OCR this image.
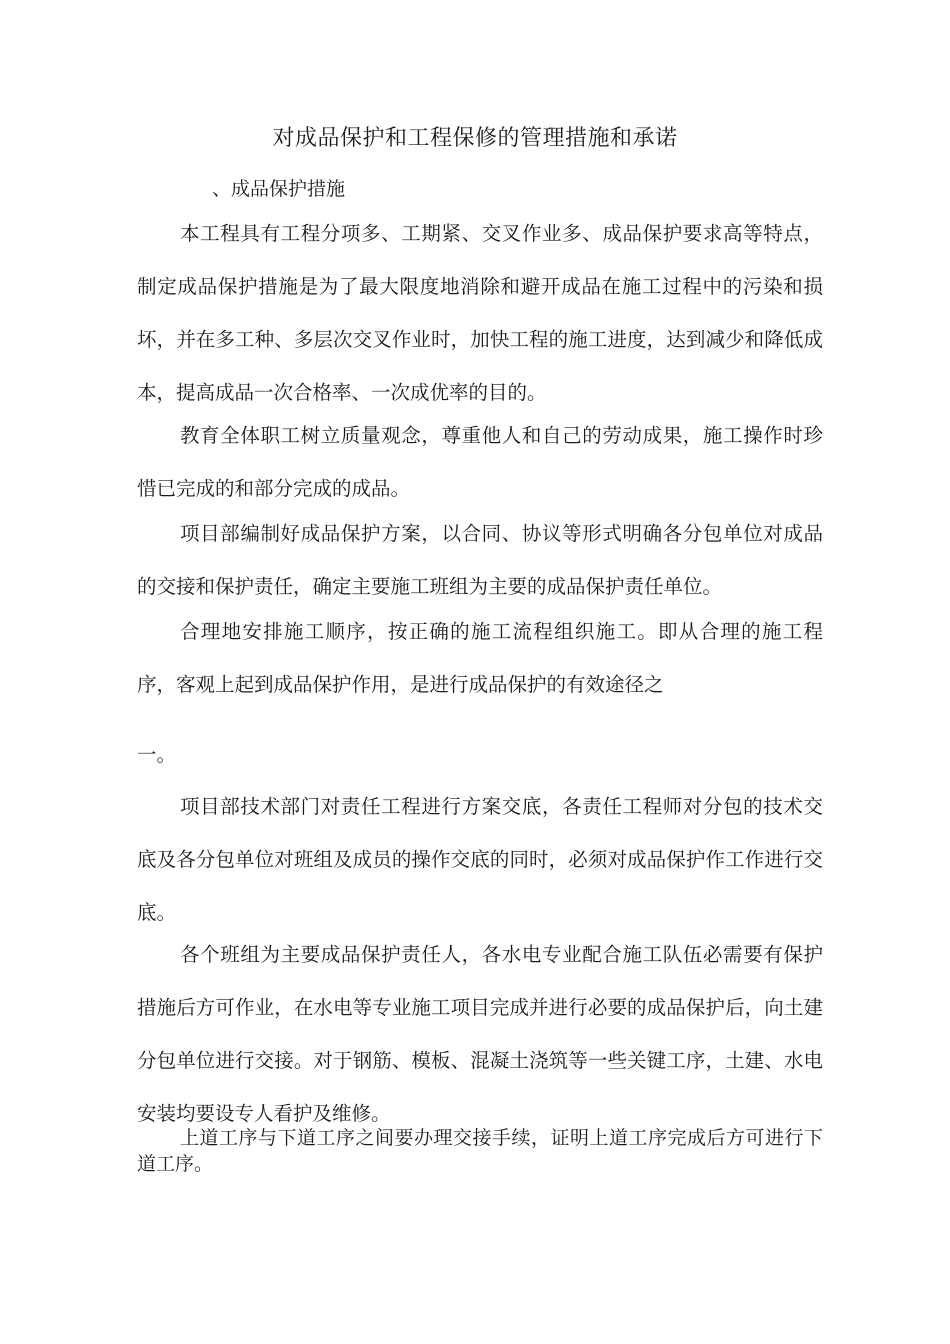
对成品保护和工程保修的管理措施和承诺
、成品保护措施

本工程具有工程分项多、工期紧、交叉作业多、成品保护要求高等特点，制定成品保护措施是为了最大限度地消除和避开成品在施工过程中的污染和损坏，并在多工种、多层次交叉作业时，加快工程的施工进度，达到减少和降低成本，提高成品一次合格率、一次成优率的目的。

教育全体职工树立质量观念，尊重他人和自己的劳动成果，施工操作时珍惜已完成的和部分完成的成品。

项目部编制好成品保护方案，以合同、协议等形式明确各分包单位对成品的交接和保护责任，确定主要施工班组为主要的成品保护责任单位。

合理地安排施工顺序，按正确的施工流程组织施工。即从合理的施工程序，客观上起到成品保护作用，是进行成品保护的有效途径之

一。

项目部技术部门对责任工程进行方案交底，各责任工程师对分包的技术交底及各分包单位对班组及成员的操作交底的同时，必须对成品保护作工作进行交底。

各个班组为主要成品保护责任人，各水电专业配合施工队伍必需要有保护措施后方可作业，在水电等专业施工项目完成并进行必要的成品保护后，向土建分包单位进行交接。对于钢筋、模板、混凝土浇筑等一些关键工序，土建、水电安装均要设专人看护及维修。

上道工序与下道工序之间要办理交接手续，证明上道工序完成后方可进行下道工序。
